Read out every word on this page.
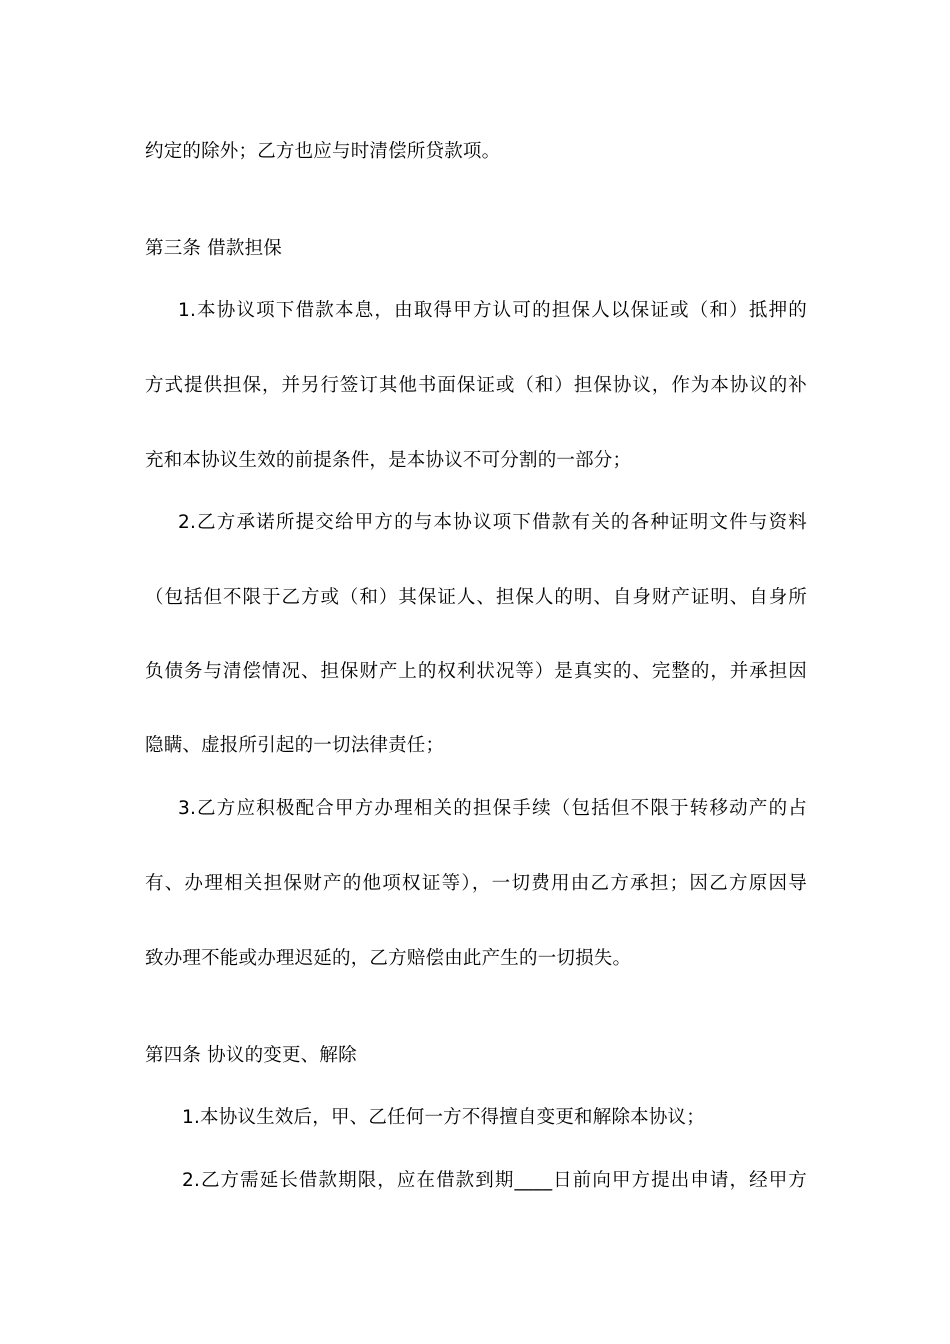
约定的除外；乙方也应与时清偿所贷款项。
第三条 借款担保
1.本协议项下借款本息，由取得甲方认可的担保人以保证或（和）抵押的
方式提供担保，并另行签订其他书面保证或（和）担保协议，作为本协议的补
充和本协议生效的前提条件，是本协议不可分割的一部分；
2.乙方承诺所提交给甲方的与本协议项下借款有关的各种证明文件与资料
（包括但不限于乙方或（和）其保证人、担保人的明、自身财产证明、自身所
负债务与清偿情况、担保财产上的权利状况等）是真实的、完整的，并承担因
隐瞒、虚报所引起的一切法律责任；
3.乙方应积极配合甲方办理相关的担保手续（包括但不限于转移动产的占
有、办理相关担保财产的他项权证等），一切费用由乙方承担；因乙方原因导
致办理不能或办理迟延的，乙方赔偿由此产生的一切损失。
第四条 协议的变更、解除
1.本协议生效后，甲、乙任何一方不得擅自变更和解除本协议；
2.乙方需延长借款期限，应在借款到期____日前向甲方提出申请，经甲方
